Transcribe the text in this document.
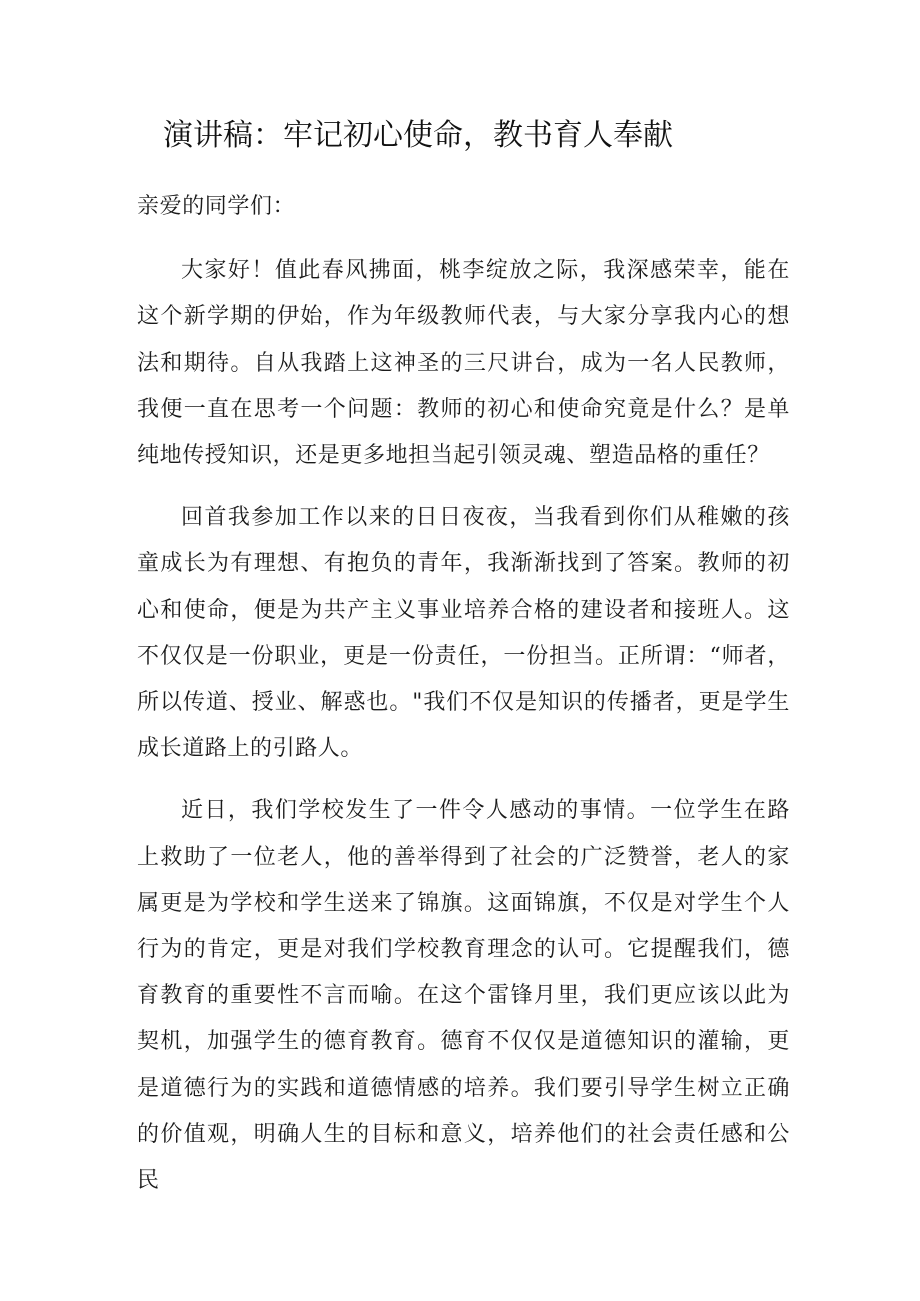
演讲稿：牢记初心使命，教书育人奉献

亲爱的同学们：

大家好！值此春风拂面，桃李绽放之际，我深感荣幸，能在这个新学期的伊始，作为年级教师代表，与大家分享我内心的想法和期待。自从我踏上这神圣的三尺讲台，成为一名人民教师，我便一直在思考一个问题：教师的初心和使命究竟是什么？是单纯地传授知识，还是更多地担当起引领灵魂、塑造品格的重任？

回首我参加工作以来的日日夜夜，当我看到你们从稚嫩的孩童成长为有理想、有抱负的青年，我渐渐找到了答案。教师的初心和使命，便是为共产主义事业培养合格的建设者和接班人。这不仅仅是一份职业，更是一份责任，一份担当。正所谓：“师者，所以传道、授业、解惑也。"我们不仅是知识的传播者，更是学生成长道路上的引路人。

近日，我们学校发生了一件令人感动的事情。一位学生在路上救助了一位老人，他的善举得到了社会的广泛赞誉，老人的家属更是为学校和学生送来了锦旗。这面锦旗，不仅是对学生个人行为的肯定，更是对我们学校教育理念的认可。它提醒我们，德育教育的重要性不言而喻。在这个雷锋月里，我们更应该以此为契机，加强学生的德育教育。德育不仅仅是道德知识的灌输，更是道德行为的实践和道德情感的培养。我们要引导学生树立正确的价值观，明确人生的目标和意义，培养他们的社会责任感和公民
